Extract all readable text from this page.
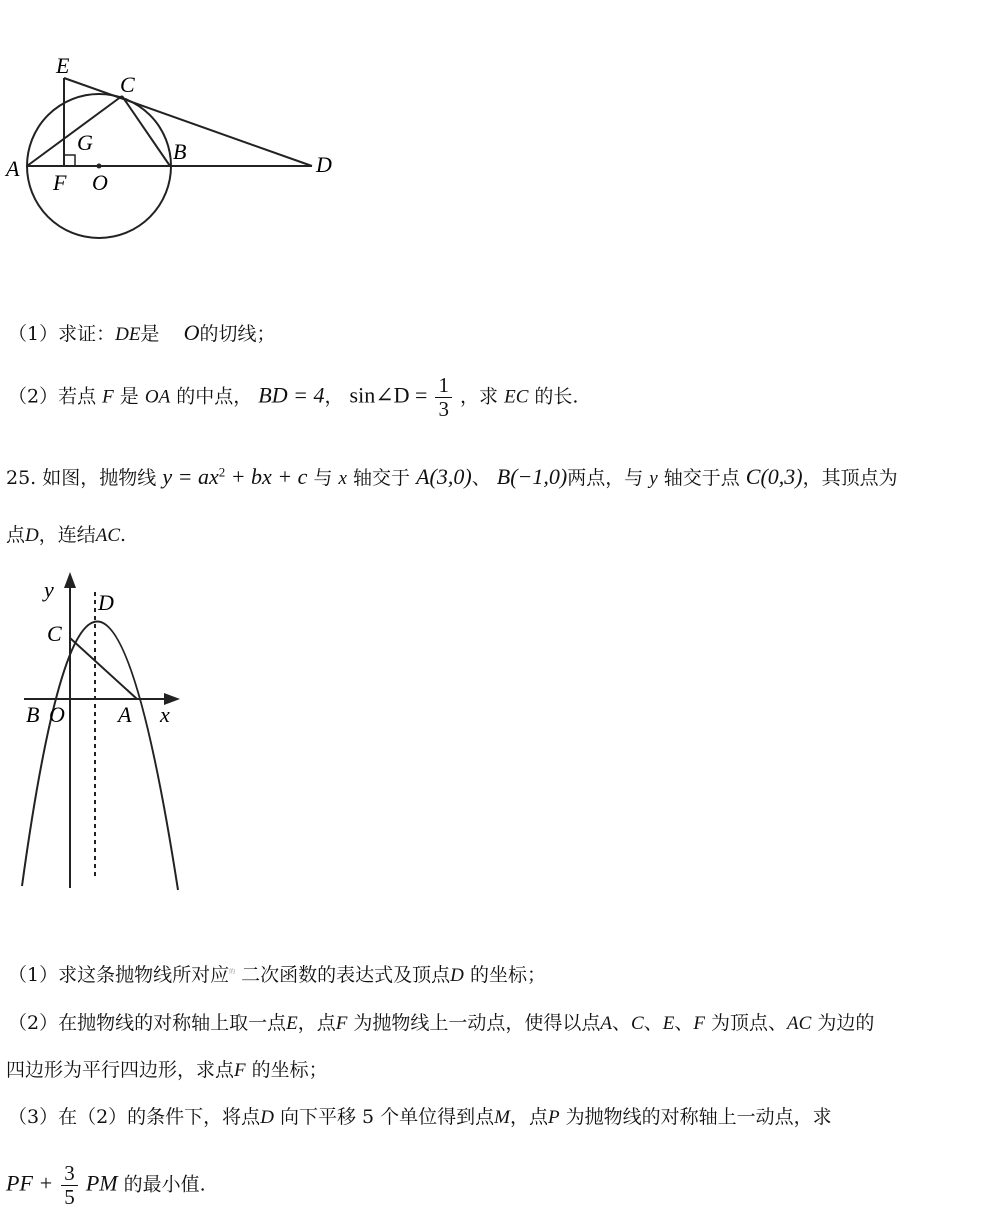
E
C
G	B
A
F O
D
（1）求证：DE是 O的切线；
（2）若点 F 是 OA 的中点， BD = 4， sin∠D = $\frac{1}{3}$ ，求 EC 的长.
25. 如图，抛物线 $y = ax^2$ + bx + c 与 x 轴交于 A(3,0)、 B(−1,0)两点，与 y 轴交于点 C(0,3)，其顶点为
点D，连结AC.
y
D
C
B O A x
（1）求这条抛物线所对应$^的$ 二次函数的表达式及顶点D 的坐标；
（2）在抛物线的对称轴上取一点E，点F 为抛物线上一动点，使得以点A、C、E、F 为顶点、AC 为边的
四边形为平行四边形，求点F 的坐标；
（3）在（2）的条件下，将点D 向下平移 5 个单位得到点M，点P 为抛物线的对称轴上一动点，求
PF + $\frac{3}{5}$ PM 的最小值.
